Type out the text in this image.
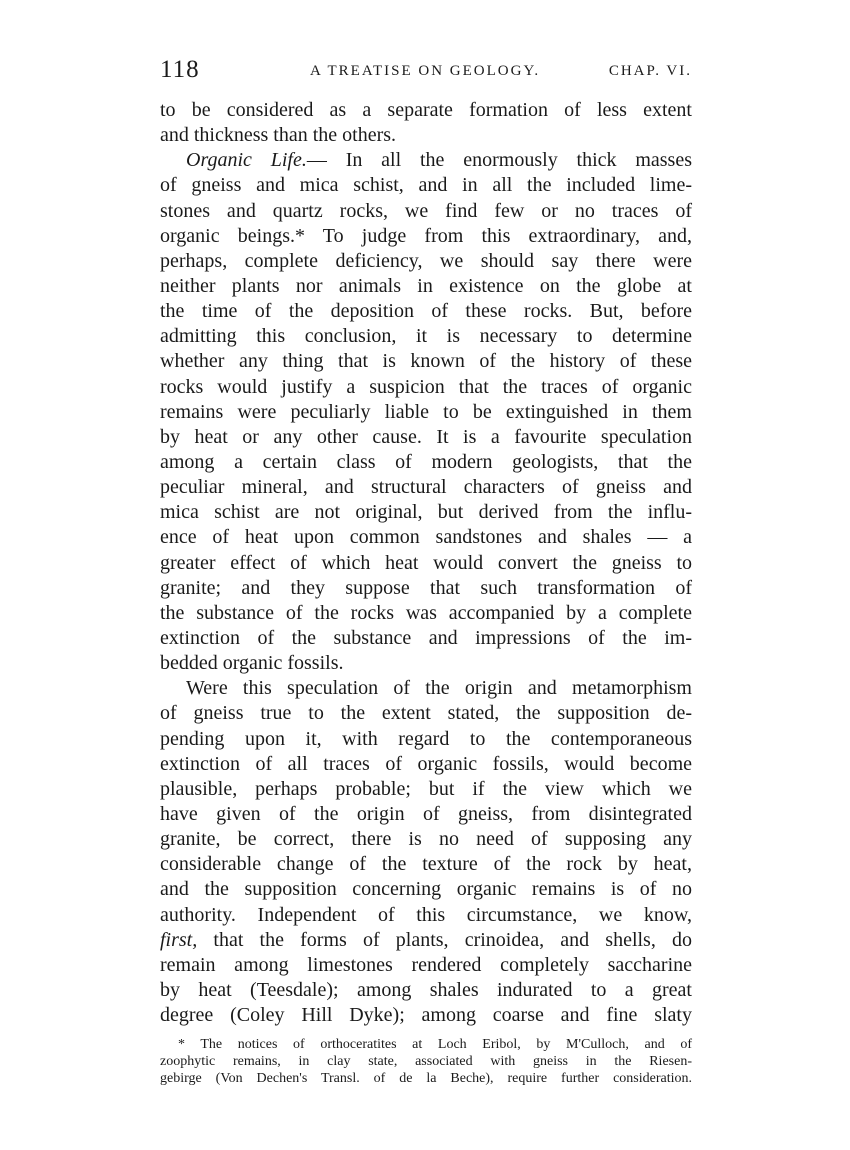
118	A TREATISE ON GEOLOGY.	CHAP. VI.
to be considered as a separate formation of less extent
and thickness than the others.
Organic Life.— In all the enormously thick masses
of gneiss and mica schist, and in all the included lime-
stones and quartz rocks, we find few or no traces of
organic beings.* To judge from this extraordinary, and,
perhaps, complete deficiency, we should say there were
neither plants nor animals in existence on the globe at
the time of the deposition of these rocks. But, before
admitting this conclusion, it is necessary to determine
whether any thing that is known of the history of these
rocks would justify a suspicion that the traces of organic
remains were peculiarly liable to be extinguished in them
by heat or any other cause. It is a favourite speculation
among a certain class of modern geologists, that the
peculiar mineral, and structural characters of gneiss and
mica schist are not original, but derived from the influ-
ence of heat upon common sandstones and shales — a
greater effect of which heat would convert the gneiss to
granite; and they suppose that such transformation of
the substance of the rocks was accompanied by a complete
extinction of the substance and impressions of the im-
bedded organic fossils.
Were this speculation of the origin and metamorphism
of gneiss true to the extent stated, the supposition de-
pending upon it, with regard to the contemporaneous
extinction of all traces of organic fossils, would become
plausible, perhaps probable; but if the view which we
have given of the origin of gneiss, from disintegrated
granite, be correct, there is no need of supposing any
considerable change of the texture of the rock by heat,
and the supposition concerning organic remains is of no
authority. Independent of this circumstance, we know,
first, that the forms of plants, crinoidea, and shells, do
remain among limestones rendered completely saccharine
by heat (Teesdale); among shales indurated to a great
degree (Coley Hill Dyke); among coarse and fine slaty
* The notices of orthoceratites at Loch Eribol, by M'Culloch, and of
zoophytic remains, in clay state, associated with gneiss in the Riesen-
gebirge (Von Dechen's Transl. of de la Beche), require further consideration.
